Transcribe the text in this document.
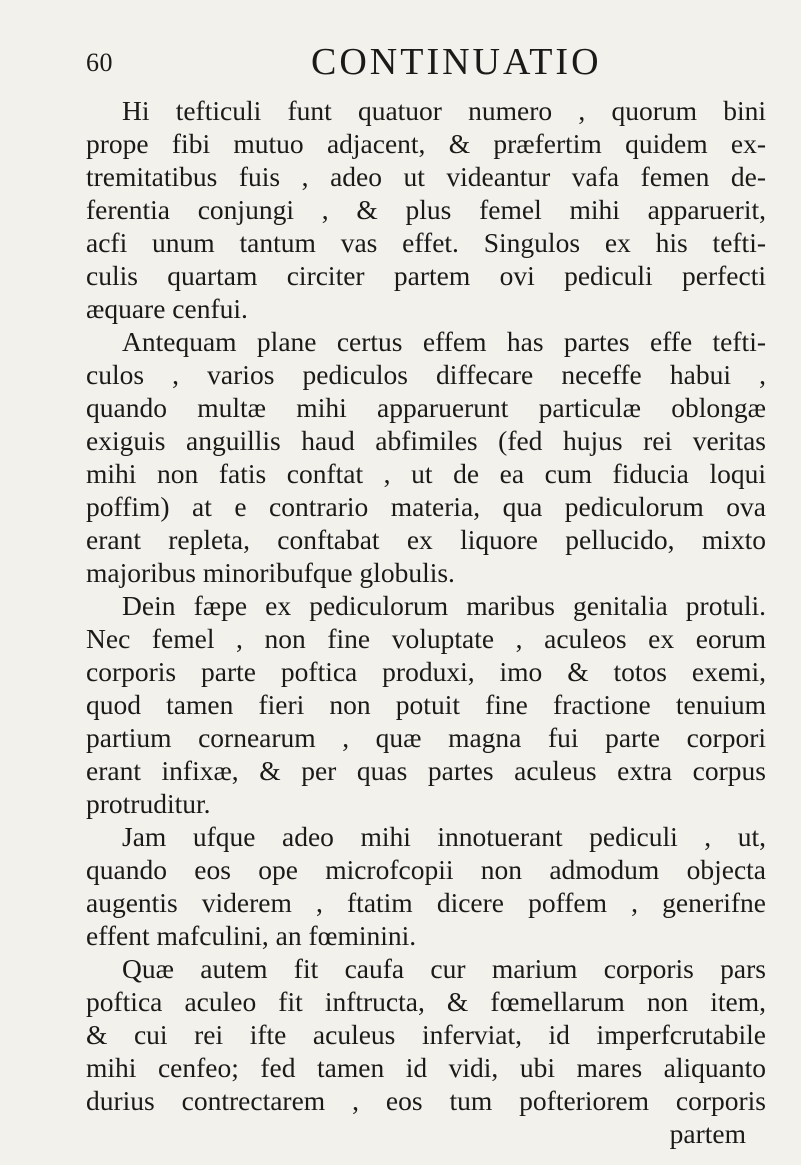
60	CONTINUATIO
Hi tefticuli funt quatuor numero , quorum bini
prope fibi mutuo adjacent, & præfertim quidem ex-
tremitatibus fuis , adeo ut videantur vafa femen de-
ferentia conjungi , & plus femel mihi apparuerit,
acfi unum tantum vas effet. Singulos ex his tefti-
culis quartam circiter partem ovi pediculi perfecti
æquare cenfui.
Antequam plane certus effem has partes effe tefti-
culos , varios pediculos diffecare neceffe habui ,
quando multæ mihi apparuerunt particulæ oblongæ
exiguis anguillis haud abfimiles (fed hujus rei veritas
mihi non fatis conftat , ut de ea cum fiducia loqui
poffim) at e contrario materia, qua pediculorum ova
erant repleta, conftabat ex liquore pellucido, mixto
majoribus minoribufque globulis.
Dein fæpe ex pediculorum maribus genitalia protuli.
Nec femel , non fine voluptate , aculeos ex eorum
corporis parte poftica produxi, imo & totos exemi,
quod tamen fieri non potuit fine fractione tenuium
partium cornearum , quæ magna fui parte corpori
erant infixæ, & per quas partes aculeus extra corpus
protruditur.
Jam ufque adeo mihi innotuerant pediculi , ut,
quando eos ope microfcopii non admodum objecta
augentis viderem , ftatim dicere poffem , generifne
effent mafculini, an fœminini.
Quæ autem fit caufa cur marium corporis pars
poftica aculeo fit inftructa, & fœmellarum non item,
& cui rei ifte aculeus inferviat, id imperfcrutabile
mihi cenfeo; fed tamen id vidi, ubi mares aliquanto
durius contrectarem , eos tum pofteriorem corporis
partem
